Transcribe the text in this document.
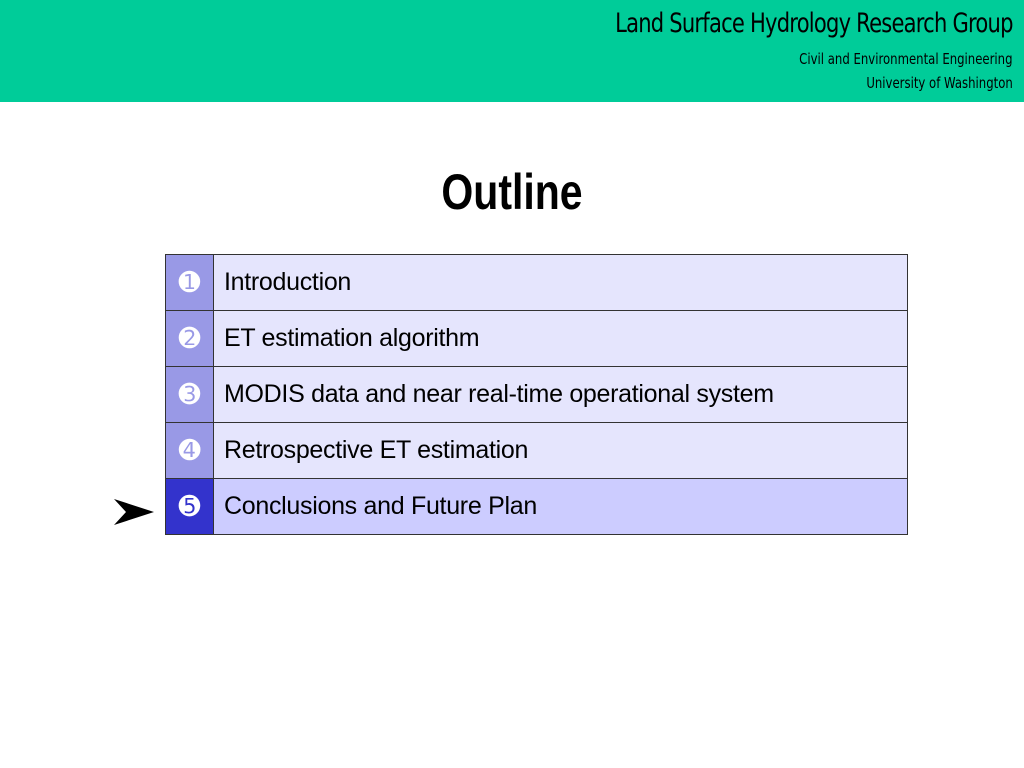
Land Surface Hydrology Research Group
Civil and Environmental Engineering
University of Washington
Outline
➊ Introduction
➋ ET estimation algorithm
➌ MODIS data and near real-time operational system
➍ Retrospective ET estimation
➎ Conclusions and Future Plan
